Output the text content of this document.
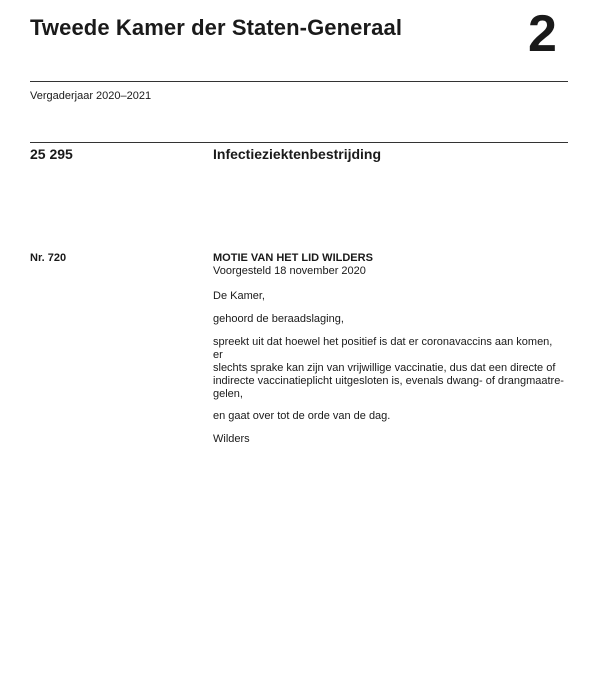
Tweede Kamer der Staten-Generaal 2
Vergaderjaar 2020–2021
25 295	Infectieziektenbestrijding
Nr. 720	MOTIE VAN HET LID WILDERS
Voorgesteld 18 november 2020

De Kamer,

gehoord de beraadslaging,

spreekt uit dat hoewel het positief is dat er coronavaccins aan komen, er
slechts sprake kan zijn van vrijwillige vaccinatie, dus dat een directe of
indirecte vaccinatieplicht uitgesloten is, evenals dwang- of drangmaatre-
gelen,

en gaat over tot de orde van de dag.

Wilders
